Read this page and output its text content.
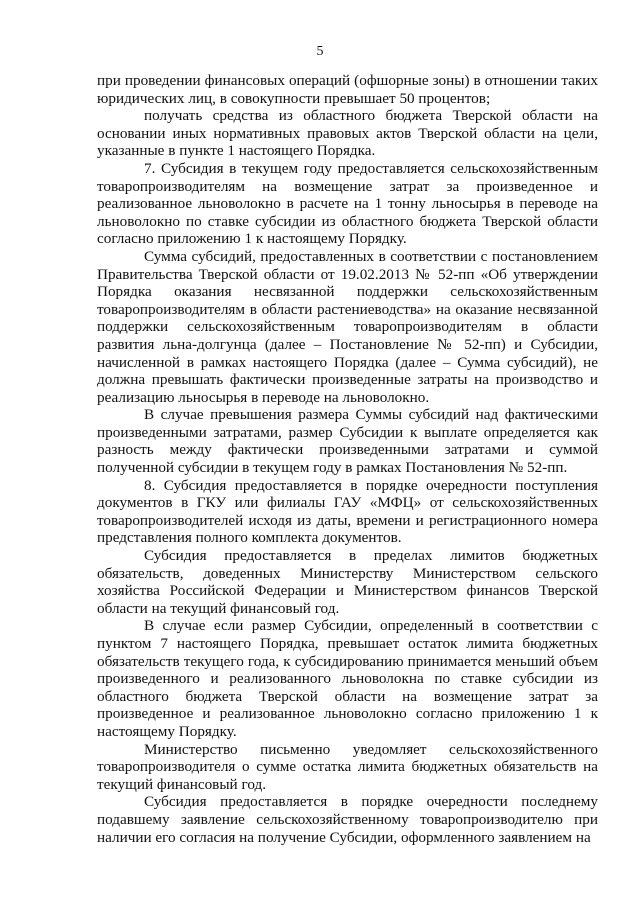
5

при проведении финансовых операций (офшорные зоны) в отношении таких юридических лиц, в совокупности превышает 50 процентов;

получать средства из областного бюджета Тверской области на основании иных нормативных правовых актов Тверской области на цели, указанные в пункте 1 настоящего Порядка.

7. Субсидия в текущем году предоставляется сельскохозяйственным товаропроизводителям на возмещение затрат за произведенное и реализованное льноволокно в расчете на 1 тонну льносырья в переводе на льноволокно по ставке субсидии из областного бюджета Тверской области согласно приложению 1 к настоящему Порядку.

Сумма субсидий, предоставленных в соответствии с постановлением Правительства Тверской области от 19.02.2013 № 52-пп «Об утверждении Порядка оказания несвязанной поддержки сельскохозяйственным товаропроизводителям в области растениеводства» на оказание несвязанной поддержки сельскохозяйственным товаропроизводителям в области развития льна-долгунца (далее – Постановление № 52-пп) и Субсидии, начисленной в рамках настоящего Порядка (далее – Сумма субсидий), не должна превышать фактически произведенные затраты на производство и реализацию льносырья в переводе на льноволокно.

В случае превышения размера Суммы субсидий над фактическими произведенными затратами, размер Субсидии к выплате определяется как разность между фактически произведенными затратами и суммой полученной субсидии в текущем году в рамках Постановления № 52-пп.

8. Субсидия предоставляется в порядке очередности поступления документов в ГКУ или филиалы ГАУ «МФЦ» от сельскохозяйственных товаропроизводителей исходя из даты, времени и регистрационного номера представления полного комплекта документов.

Субсидия предоставляется в пределах лимитов бюджетных обязательств, доведенных Министерству Министерством сельского хозяйства Российской Федерации и Министерством финансов Тверской области на текущий финансовый год.

В случае если размер Субсидии, определенный в соответствии с пунктом 7 настоящего Порядка, превышает остаток лимита бюджетных обязательств текущего года, к субсидированию принимается меньший объем произведенного и реализованного льноволокна по ставке субсидии из областного бюджета Тверской области на возмещение затрат за произведенное и реализованное льноволокно согласно приложению 1 к настоящему Порядку.

Министерство письменно уведомляет сельскохозяйственного товаропроизводителя о сумме остатка лимита бюджетных обязательств на текущий финансовый год.

Субсидия предоставляется в порядке очередности последнему подавшему заявление сельскохозяйственному товаропроизводителю при наличии его согласия на получение Субсидии, оформленного заявлением на
